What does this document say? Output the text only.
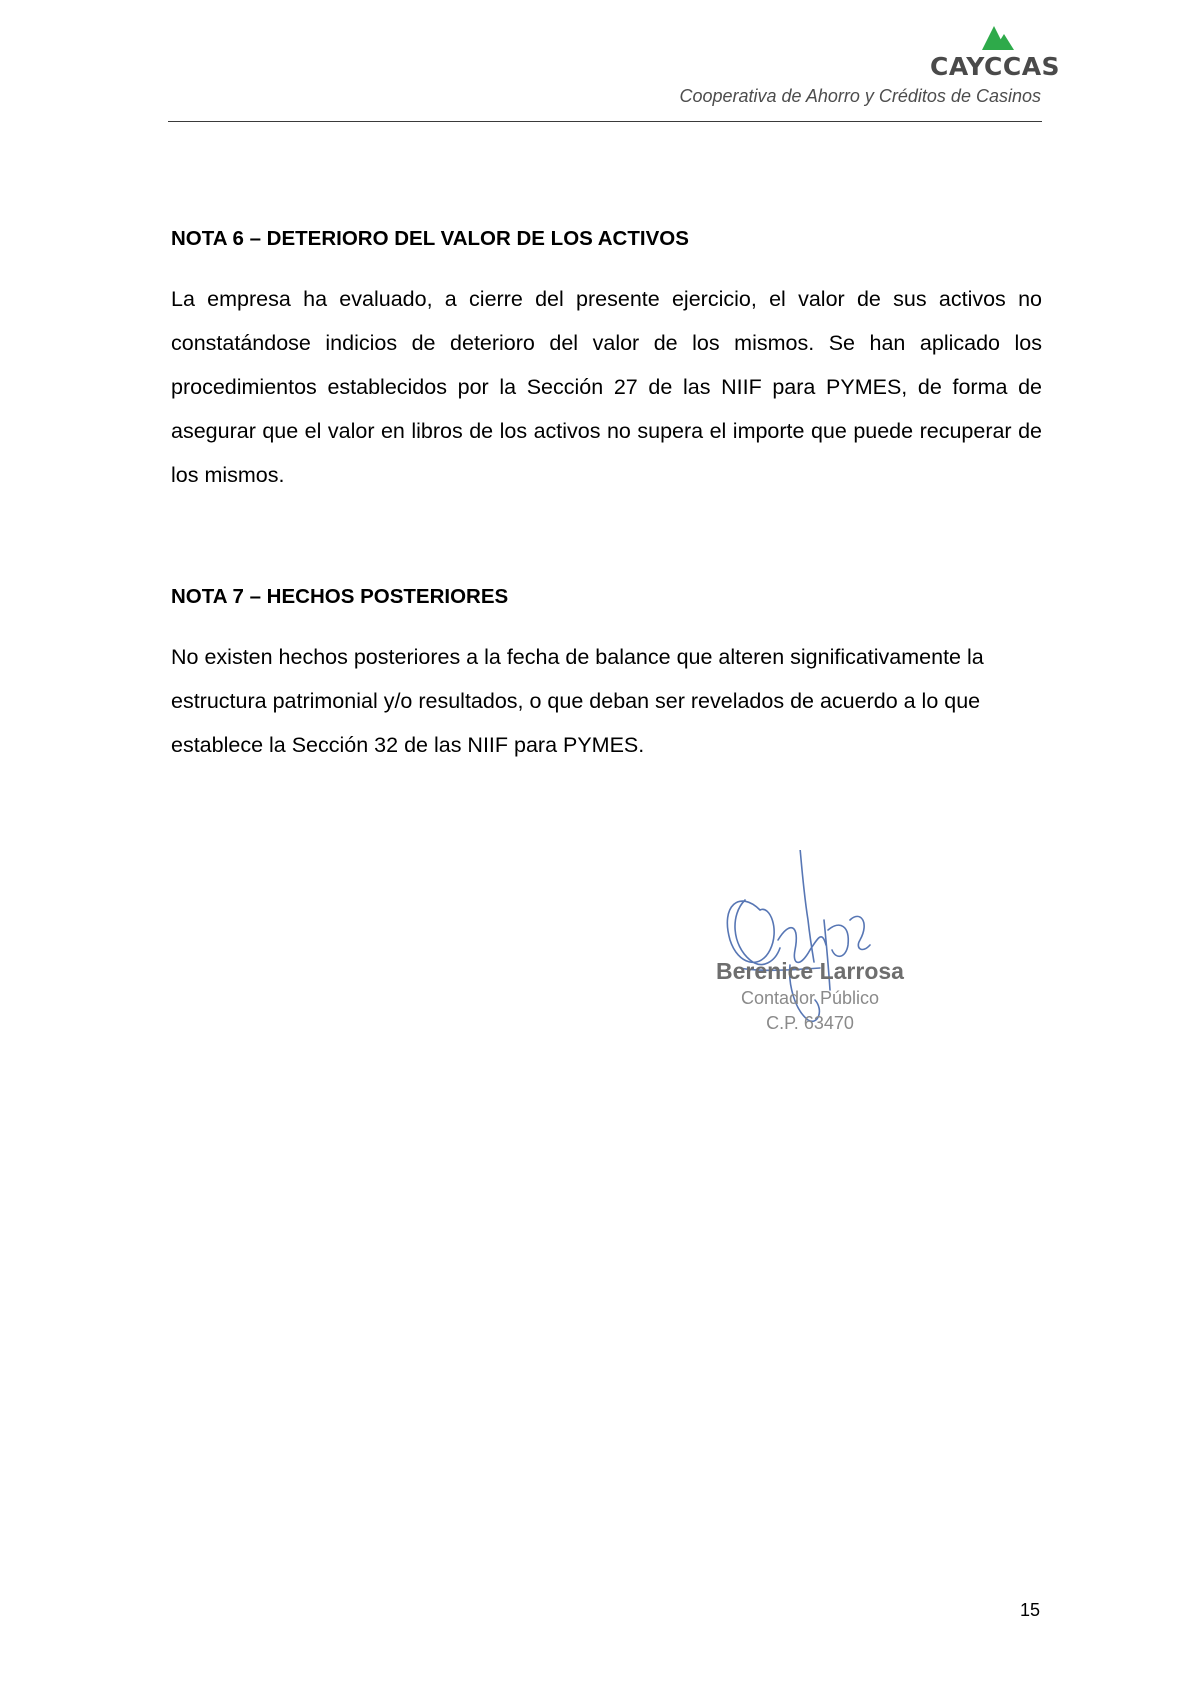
CAYCCAS
Cooperativa de Ahorro y Créditos de Casinos
NOTA 6 – DETERIORO DEL VALOR DE LOS ACTIVOS

La empresa ha evaluado, a cierre del presente ejercicio, el valor de sus activos no constatándose indicios de deterioro del valor de los mismos. Se han aplicado los procedimientos establecidos por la Sección 27 de las NIIF para PYMES, de forma de asegurar que el valor en libros de los activos no supera el importe que puede recuperar de los mismos.

NOTA 7 – HECHOS POSTERIORES
No existen hechos posteriores a la fecha de balance que alteren significativamente la
estructura patrimonial y/o resultados, o que deban ser revelados de acuerdo a lo que
establece la Sección 32 de las NIIF para PYMES.
Berenice Larrosa
Contador Público
C.P. 63470
15
